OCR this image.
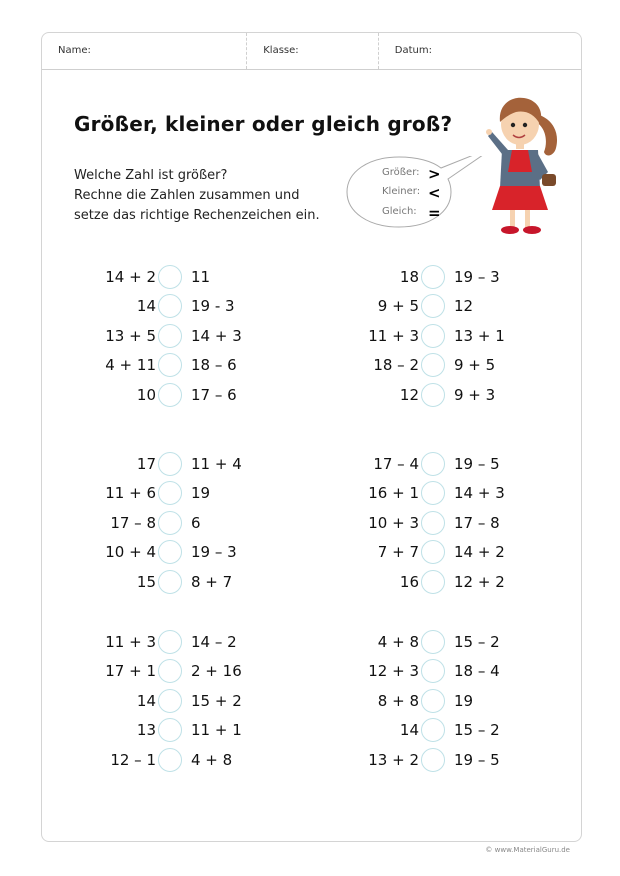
Name:	Klasse:	Datum:
Größer, kleiner oder gleich groß?
Welche Zahl ist größer?
Rechne die Zahlen zusammen und
setze das richtige Rechenzeichen ein.
Größer: >
Kleiner: <
Gleich: =
14 + 2 11
14 19 - 3
13 + 5 14 + 3
4 + 11 18 – 6
10 17 – 6
18 19 – 3
9 + 5 12
11 + 3 13 + 1
18 – 2 9 + 5
12 9 + 3
17 11 + 4
11 + 6 19
17 – 8 6
10 + 4 19 – 3
15 8 + 7
17 – 4 19 – 5
16 + 1 14 + 3
10 + 3 17 – 8
7 + 7 14 + 2
16 12 + 2
11 + 3 14 – 2
17 + 1 2 + 16
14 15 + 2
13 11 + 1
12 – 1 4 + 8
4 + 8 15 – 2
12 + 3 18 – 4
8 + 8 19
14 15 – 2
13 + 2 19 – 5
© www.MaterialGuru.de
